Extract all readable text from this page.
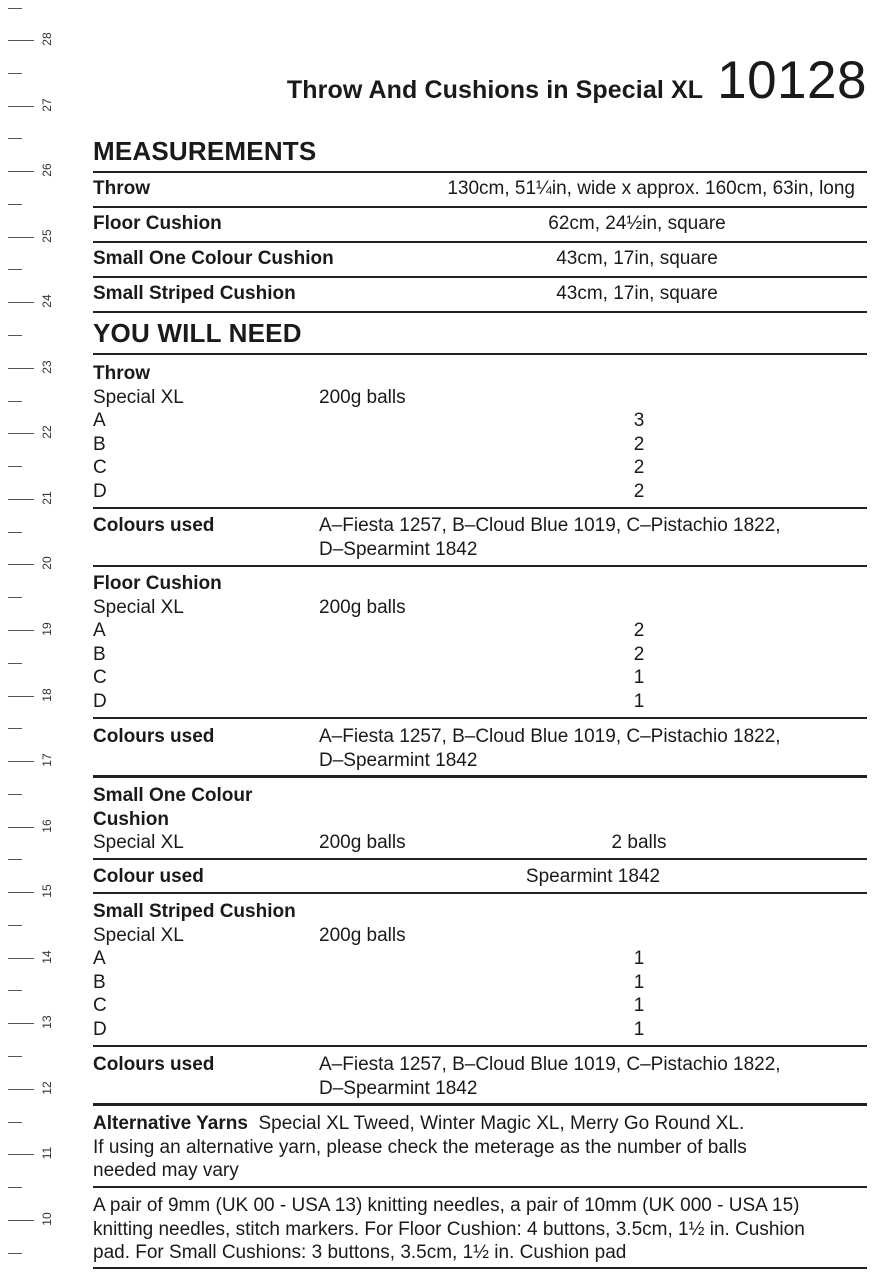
28
27
26
25
24
23
22
21
20
19
18
17
16
15
14
13
12
11
10
Throw And Cushions in Special XL 10128
MEASUREMENTS
Throw	130cm, 51¼in, wide x approx. 160cm, 63in, long
Floor Cushion	62cm, 24½in, square
Small One Colour Cushion	43cm, 17in, square
Small Striped Cushion	43cm, 17in, square
YOU WILL NEED
Throw
Special XL	200g balls
A	3
B	2
C	2
D	2
Colours used	A–Fiesta 1257, B–Cloud Blue 1019, C–Pistachio 1822,
D–Spearmint 1842
Floor Cushion
Special XL	200g balls
A	2
B	2
C	1
D	1
Colours used	A–Fiesta 1257, B–Cloud Blue 1019, C–Pistachio 1822,
D–Spearmint 1842
Small One Colour
Cushion
Special XL	200g balls	2 balls
Colour used	Spearmint 1842
Small Striped Cushion
Special XL	200g balls
A	1
B	1
C	1
D	1
Colours used	A–Fiesta 1257, B–Cloud Blue 1019, C–Pistachio 1822,
D–Spearmint 1842
Alternative Yarns Special XL Tweed, Winter Magic XL, Merry Go Round XL.
If using an alternative yarn, please check the meterage as the number of balls
needed may vary
A pair of 9mm (UK 00 - USA 13) knitting needles, a pair of 10mm (UK 000 - USA 15)
knitting needles, stitch markers. For Floor Cushion: 4 buttons, 3.5cm, 1½ in. Cushion
pad. For Small Cushions: 3 buttons, 3.5cm, 1½ in. Cushion pad
